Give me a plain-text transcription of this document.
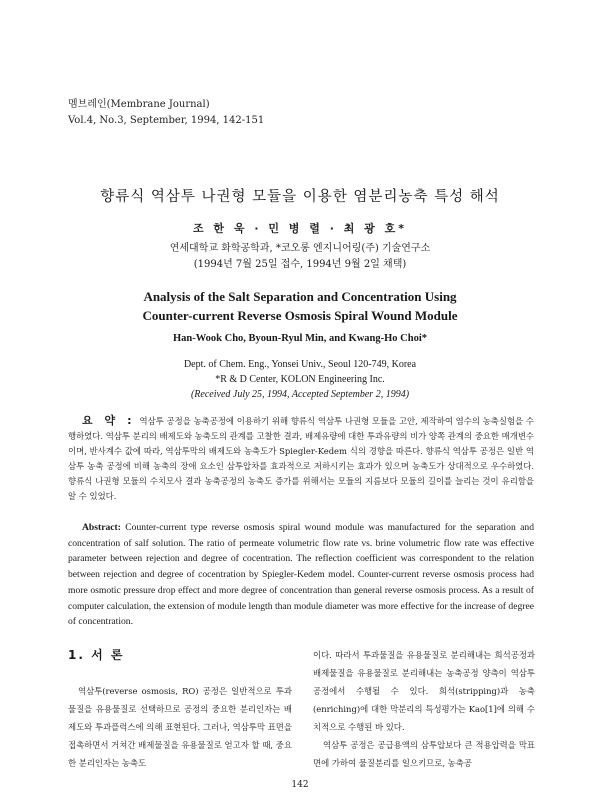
멤브레인(Membrane Journal)
Vol.4, No.3, September, 1994, 142-151
향류식 역삼투 나권형 모듈을 이용한 염분리농축 특성 해석
조 한 욱 · 민 병 렬 · 최 광 호*
연세대학교 화학공학과, *코오롱 엔지니어링(주) 기술연구소
(1994년 7월 25일 접수, 1994년 9월 2일 채택)
Analysis of the Salt Separation and Concentration Using
Counter-current Reverse Osmosis Spiral Wound Module
Han-Wook Cho, Byoun-Ryul Min, and Kwang-Ho Choi*
Dept. of Chem. Eng., Yonsei Univ., Seoul 120-749, Korea
*R & D Center, KOLON Engineering Inc.
(Received July 25, 1994, Accepted September 2, 1994)
요 약 : 역삼투 공정을 농축공정에 이용하기 위해 향류식 역삼투 나권형 모듈을 고안, 제작하여 염수의 농축실험을 수행하였다. 역삼투 분리의 배제도와 농축도의 관계를 고찰한 결과, 배제유량에 대한 투과유량의 비가 양쪽 관계의 중요한 매개변수이며, 반사계수 값에 따라, 역삼투막의 배제도와 농축도가 Spiegler-Kedem 식의 경향을 따른다. 향류식 역삼투 공정은 일반 역삼투 농축 공정에 비해 농축의 장애 요소인 삼투압차를 효과적으로 저하시키는 효과가 있으며 농축도가 상대적으로 우수하였다. 향류식 나권형 모듈의 수치모사 결과 농축공정의 농축도 증가를 위해서는 모듈의 지름보다 모듈의 길이를 늘리는 것이 유리함을 알 수 있었다.
Abstract: Counter-current type reverse osmosis spiral wound module was manufactured for the separation and concentration of salf solution. The ratio of permeate volumetric flow rate vs. brine volumetric flow rate was effective parameter between rejection and degree of cocentration. The reflection coefficient was correspondent to the relation between rejection and degree of cocentration by Spiegler-Kedem model. Counter-current reverse osmosis process had more osmotic pressure drop effect and more degree of concentration than general reverse osmosis process. As a result of computer calculation, the extension of module length than module diameter was more effective for the increase of degree of concentration.
1. 서 론

역삼투(reverse osmosis, RO) 공정은 일반적으로 투과물질을 유용물질로 선택하므로 공정의 중요한 분리인자는 배제도와 투과플럭스에 의해 표현된다. 그러나, 역삼투막 표면을 접촉하면서 거쳐간 배제물질을 유용물질로 얻고자 할 때, 중요한 분리인자는 농축도

이다. 따라서 투과물질을 유용물질로 분리해내는 희석공정과 배제물질을 유용물질로 분리해내는 농축공정 양측이 역삼투 공정에서 수행될 수 있다. 희석(stripping)과 농축(enriching)에 대한 막분리의 특성평가는 Kao[1]에 의해 수치적으로 수행된 바 있다.

역삼투 공정은 공급용액의 삼투압보다 큰 적용압력을 막표면에 가하여 물질분리를 일으키므로, 농축공

142
